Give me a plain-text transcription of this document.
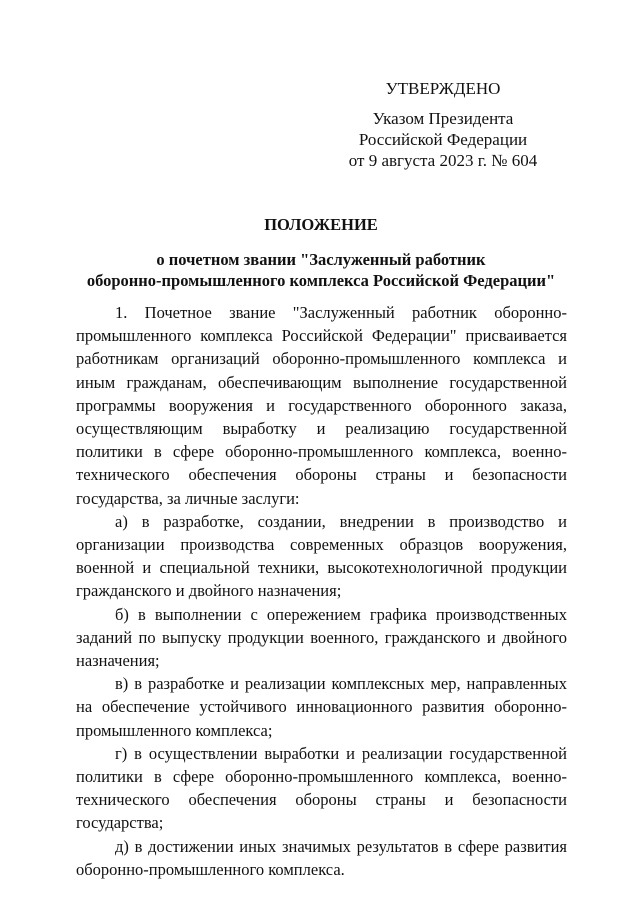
УТВЕРЖДЕНО
Указом Президента
Российской Федерации
от 9 августа 2023 г. № 604
ПОЛОЖЕНИЕ
о почетном звании "Заслуженный работник
оборонно-промышленного комплекса Российской Федерации"

1. Почетное звание "Заслуженный работник оборонно-промышленного комплекса Российской Федерации" присваивается работникам организаций оборонно-промышленного комплекса и иным гражданам, обеспечивающим выполнение государственной программы вооружения и государственного оборонного заказа, осуществляющим выработку и реализацию государственной политики в сфере оборонно-промышленного комплекса, военно-технического обеспечения обороны страны и безопасности государства, за личные заслуги:

а) в разработке, создании, внедрении в производство и организации производства современных образцов вооружения, военной и специальной техники, высокотехнологичной продукции гражданского и двойного назначения;

б) в выполнении с опережением графика производственных заданий по выпуску продукции военного, гражданского и двойного назначения;

в) в разработке и реализации комплексных мер, направленных на обеспечение устойчивого инновационного развития оборонно-промышленного комплекса;

г) в осуществлении выработки и реализации государственной политики в сфере оборонно-промышленного комплекса, военно-технического обеспечения обороны страны и безопасности государства;

д) в достижении иных значимых результатов в сфере развития оборонно-промышленного комплекса.
